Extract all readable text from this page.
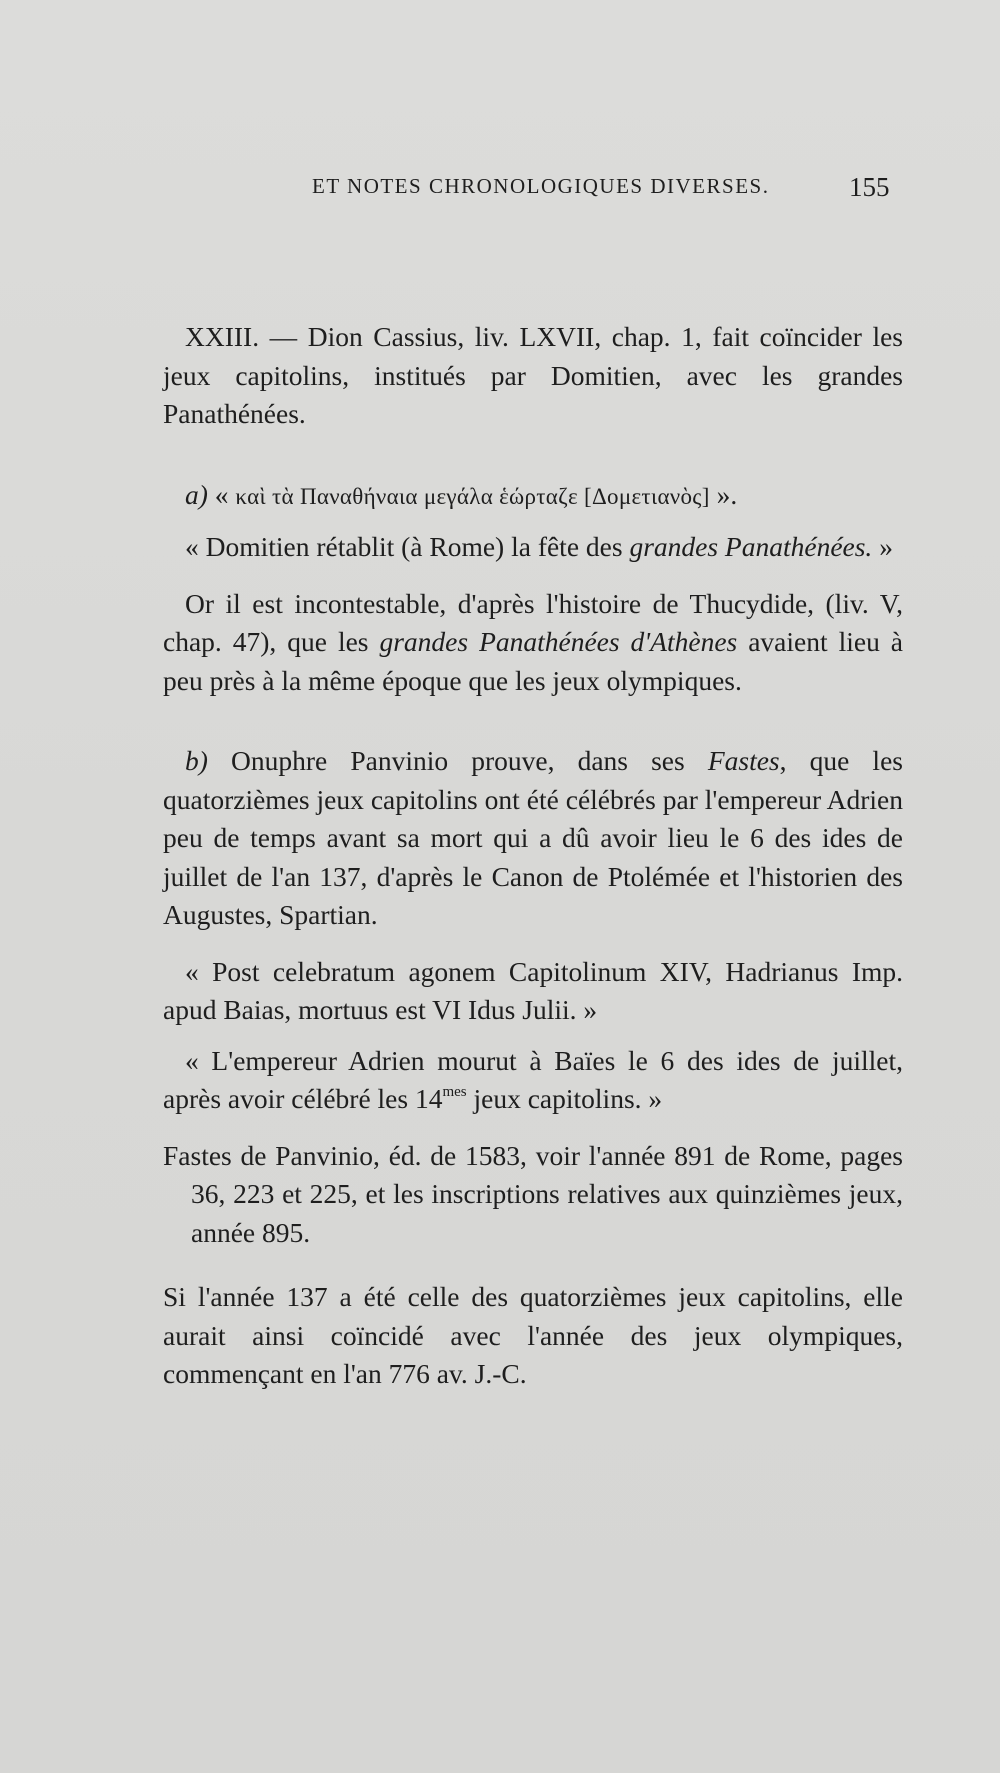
ET NOTES CHRONOLOGIQUES DIVERSES.	155

XXIII. — Dion Cassius, liv. LXVII, chap. 1, fait coïncider les jeux capitolins, institués par Domitien, avec les grandes Panathénées.

a) « καὶ τὰ Παναθήναια μεγάλα ἑώρταζε [Δομετιανὸς] ».

« Domitien rétablit (à Rome) la fête des grandes Panathénées. »

Or il est incontestable, d'après l'histoire de Thucydide, (liv. V, chap. 47), que les grandes Panathénées d'Athènes avaient lieu à peu près à la même époque que les jeux olympiques.

b) Onuphre Panvinio prouve, dans ses Fastes, que les quatorzièmes jeux capitolins ont été célébrés par l'empereur Adrien peu de temps avant sa mort qui a dû avoir lieu le 6 des ides de juillet de l'an 137, d'après le Canon de Ptolémée et l'historien des Augustes, Spartian.

« Post celebratum agonem Capitolinum XIV, Hadrianus Imp. apud Baias, mortuus est VI Idus Julii. »

« L'empereur Adrien mourut à Baïes le 6 des ides de juillet, après avoir célébré les $14^{mes}$ jeux capitolins. »

Fastes de Panvinio, éd. de 1583, voir l'année 891 de Rome, pages 36, 223 et 225, et les inscriptions relatives aux quinzièmes jeux, année 895.

Si l'année 137 a été celle des quatorzièmes jeux capitolins, elle aurait ainsi coïncidé avec l'année des jeux olympiques, commençant en l'an 776 av. J.-C.
